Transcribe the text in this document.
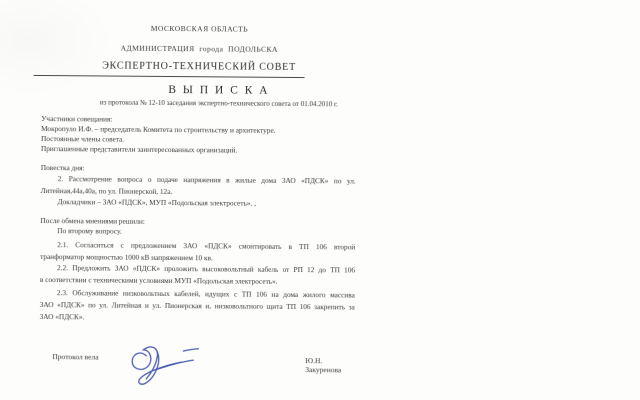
МОСКОВСКАЯ ОБЛАСТЬ
АДМИНИСТРАЦИЯ  города  ПОДОЛЬСКА
ЭКСПЕРТНО-ТЕХНИЧЕСКИЙ СОВЕТ
В Ы П И С К А
из протокола № 12-10 заседания экспертно-технического совета от 01.04.2010 г.
Участники совещания:
Мокропуло И.Ф. – председатель Комитета по строительству и архитектуре.
Постоянные члены совета.
Приглашенные представители заинтересованных организаций.
Повестка дня:
2. Рассмотрение вопроса о подаче напряжения в жилые дома ЗАО «ПДСК» по ул.
Литейная,44а,40а, по ул. Пионерской, 12а.
Докладчики – ЗАО «ПДСК», МУП «Подольская электросеть». ,
После обмена мнениями решили:
По второму вопросу.
2.1. Согласиться с предложением ЗАО «ПДСК» смонтировать в ТП 106 второй
транформатор мощностью 1000 кВ напряжением 10 кв.
2.2. Предложить ЗАО «ПДСК» проложить высоковольтный кабель от РП 12 до ТП 106
в соответствии с техническими условиями МУП «Подольская электросеть».
2.3. Обслуживание низковольтных кабелей, идущих с ТП 106 на дома жилого массива
ЗАО «ПДСК» по ул. Литейная и ул. Пионерская и, низковольтного щита ТП 106 закрепить за
ЗАО «ПДСК».
Протокол вела	Ю.Н. Закуренова
